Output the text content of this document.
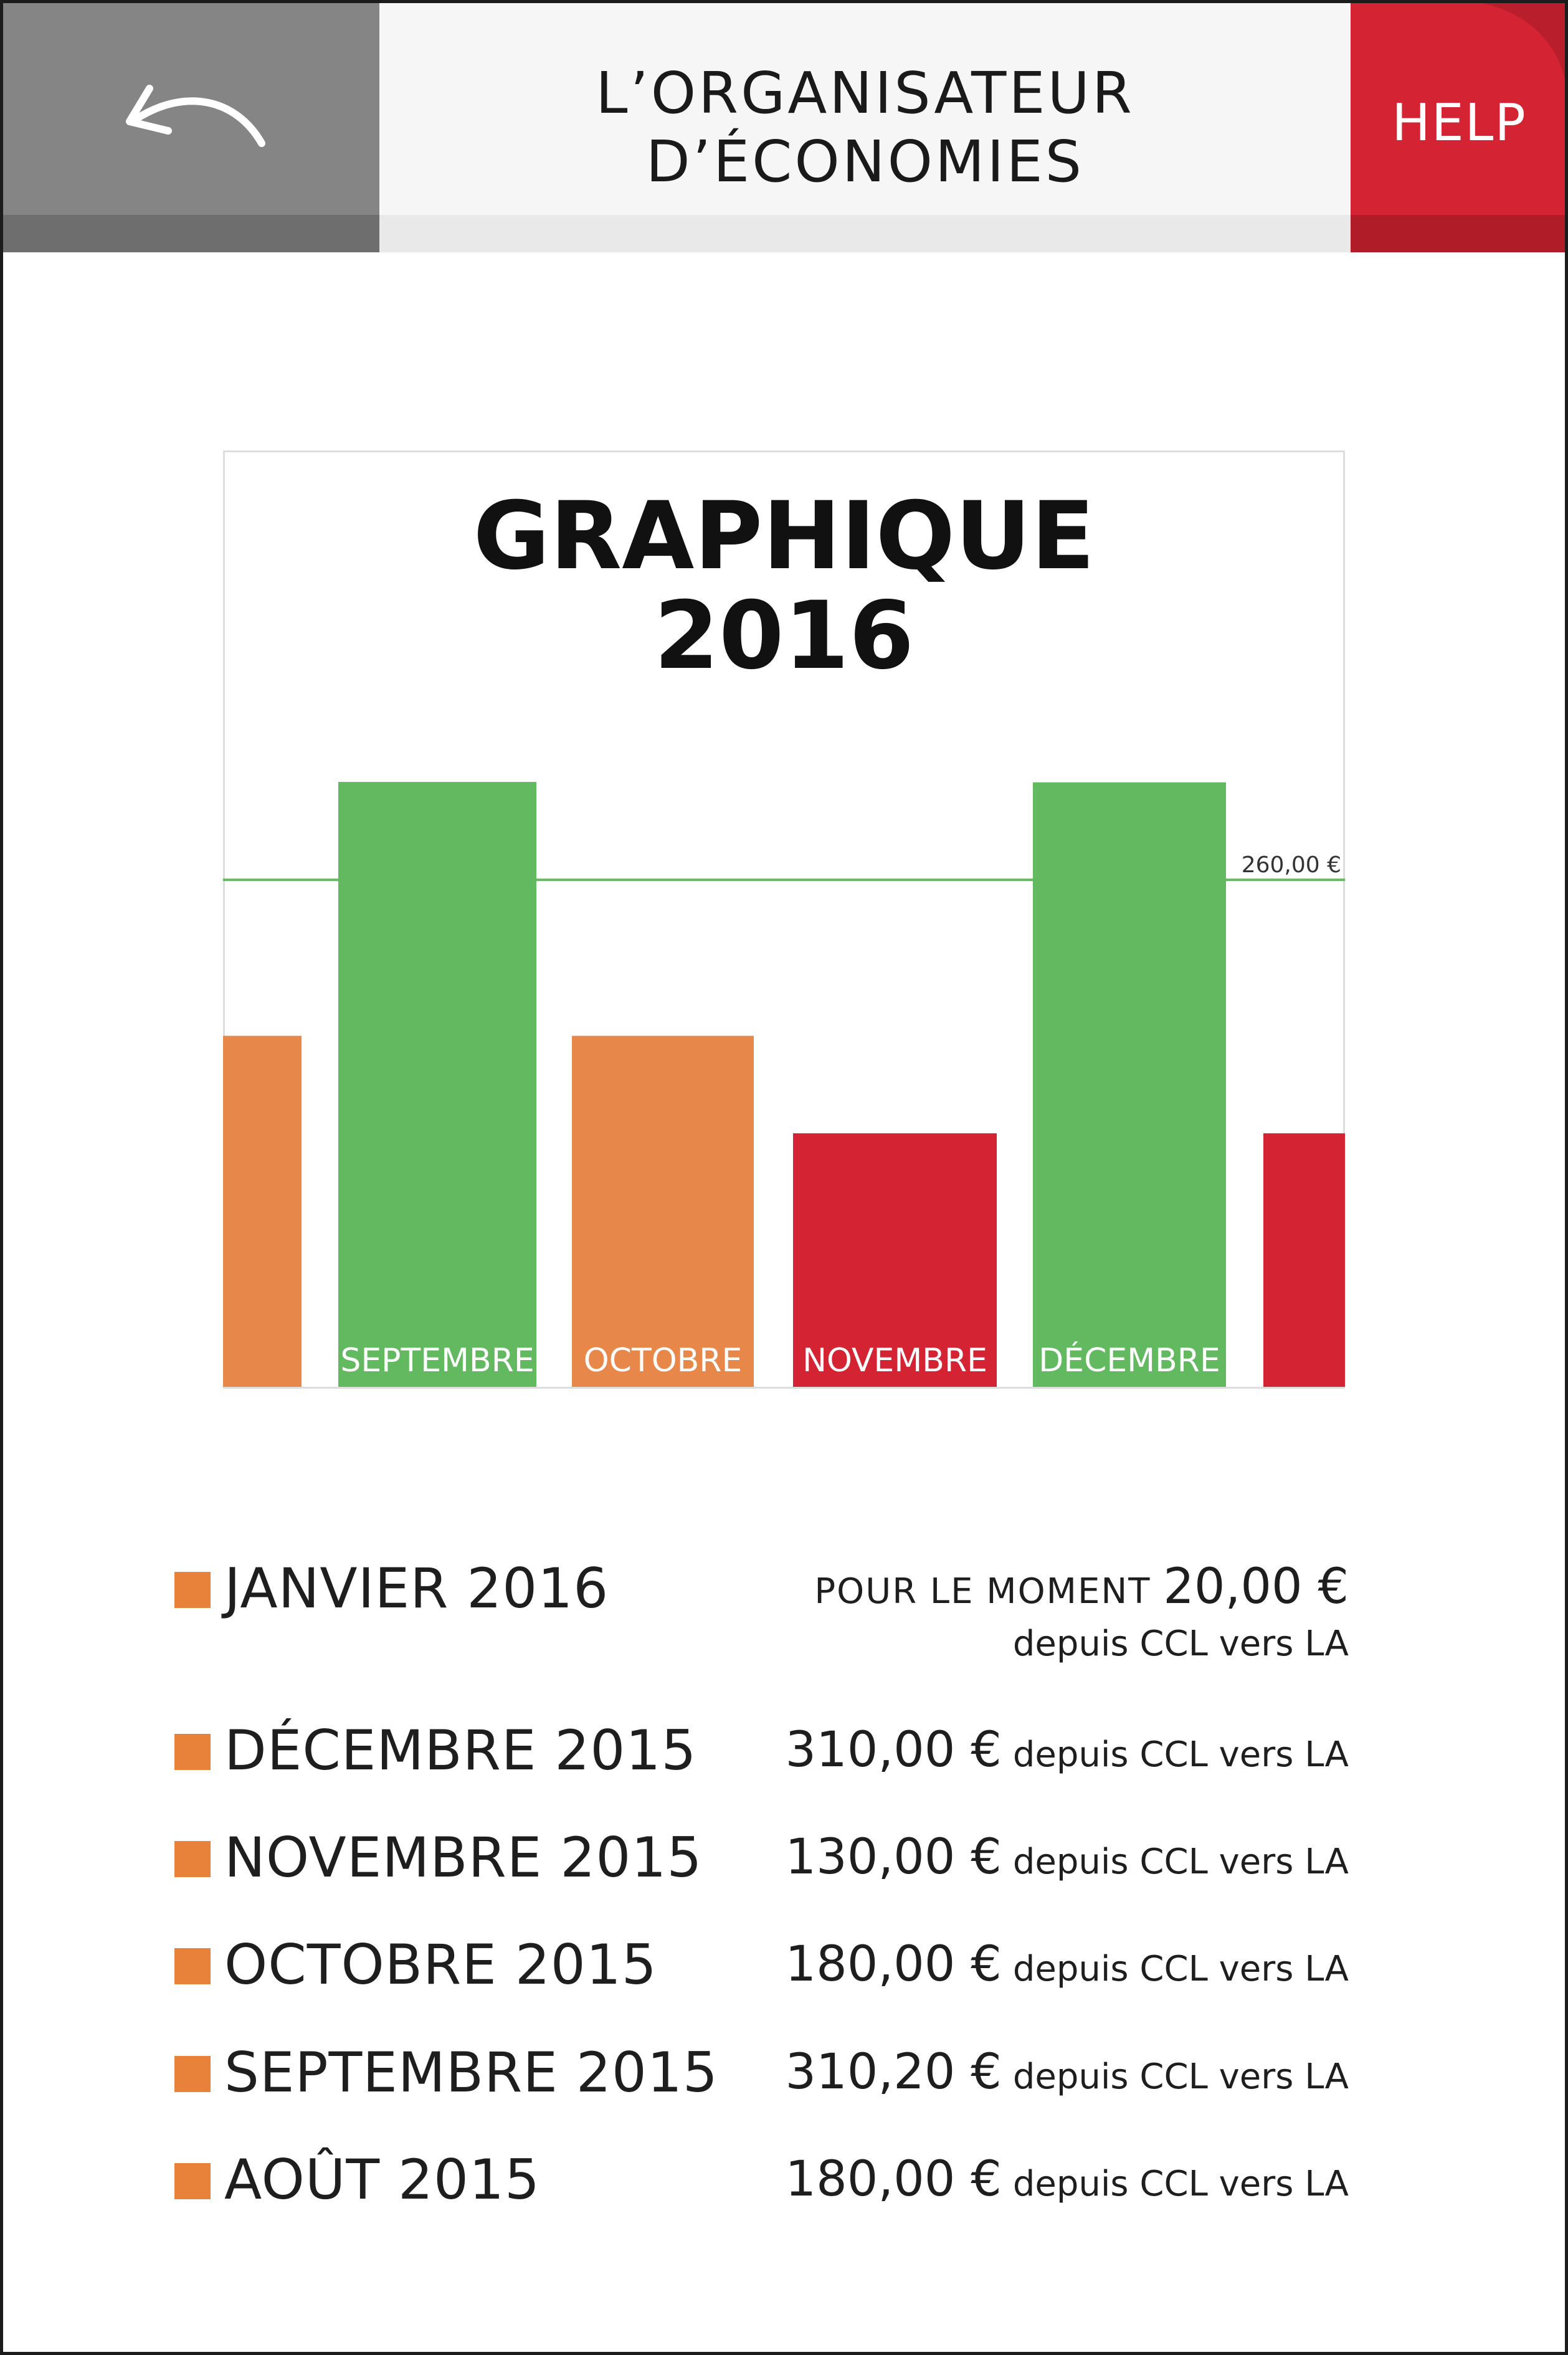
L’ORGANISATEUR
D’ÉCONOMIES
HELP
GRAPHIQUE
2016
SEPTEMBRE OCTOBRE NOVEMBRE DÉCEMBRE
260,00 €
JANVIER 2016	POUR LE MOMENT 20,00 €
depuis CCL vers LA
DÉCEMBRE 2015 310,00 € depuis CCL vers LA
NOVEMBRE 2015 130,00 € depuis CCL vers LA
OCTOBRE 2015	180,00 € depuis CCL vers LA
SEPTEMBRE 2015 310,20 € depuis CCL vers LA
AOÛT 2015	180,00 € depuis CCL vers LA
